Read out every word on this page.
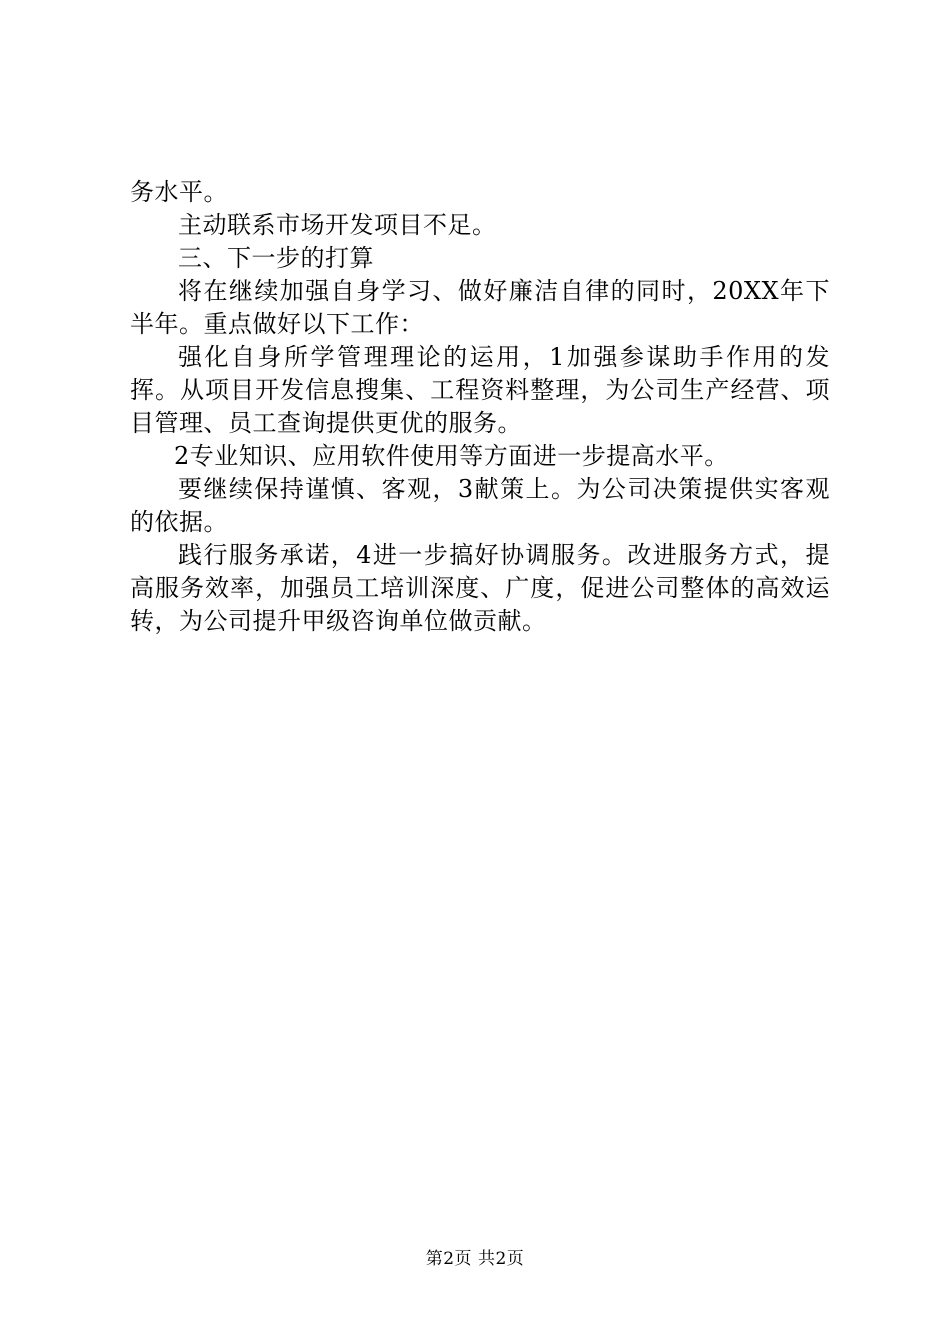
务水平。

主动联系市场开发项目不足。

三、下一步的打算

将在继续加强自身学习、做好廉洁自律的同时，20XX年下半年。重点做好以下工作：

强化自身所学管理理论的运用，1加强参谋助手作用的发挥。从项目开发信息搜集、工程资料整理，为公司生产经营、项目管理、员工查询提供更优的服务。

2专业知识、应用软件使用等方面进一步提高水平。

要继续保持谨慎、客观，3献策上。为公司决策提供实客观的依据。

践行服务承诺，4进一步搞好协调服务。改进服务方式，提高服务效率，加强员工培训深度、广度，促进公司整体的高效运转，为公司提升甲级咨询单位做贡献。

第2页 共2页
